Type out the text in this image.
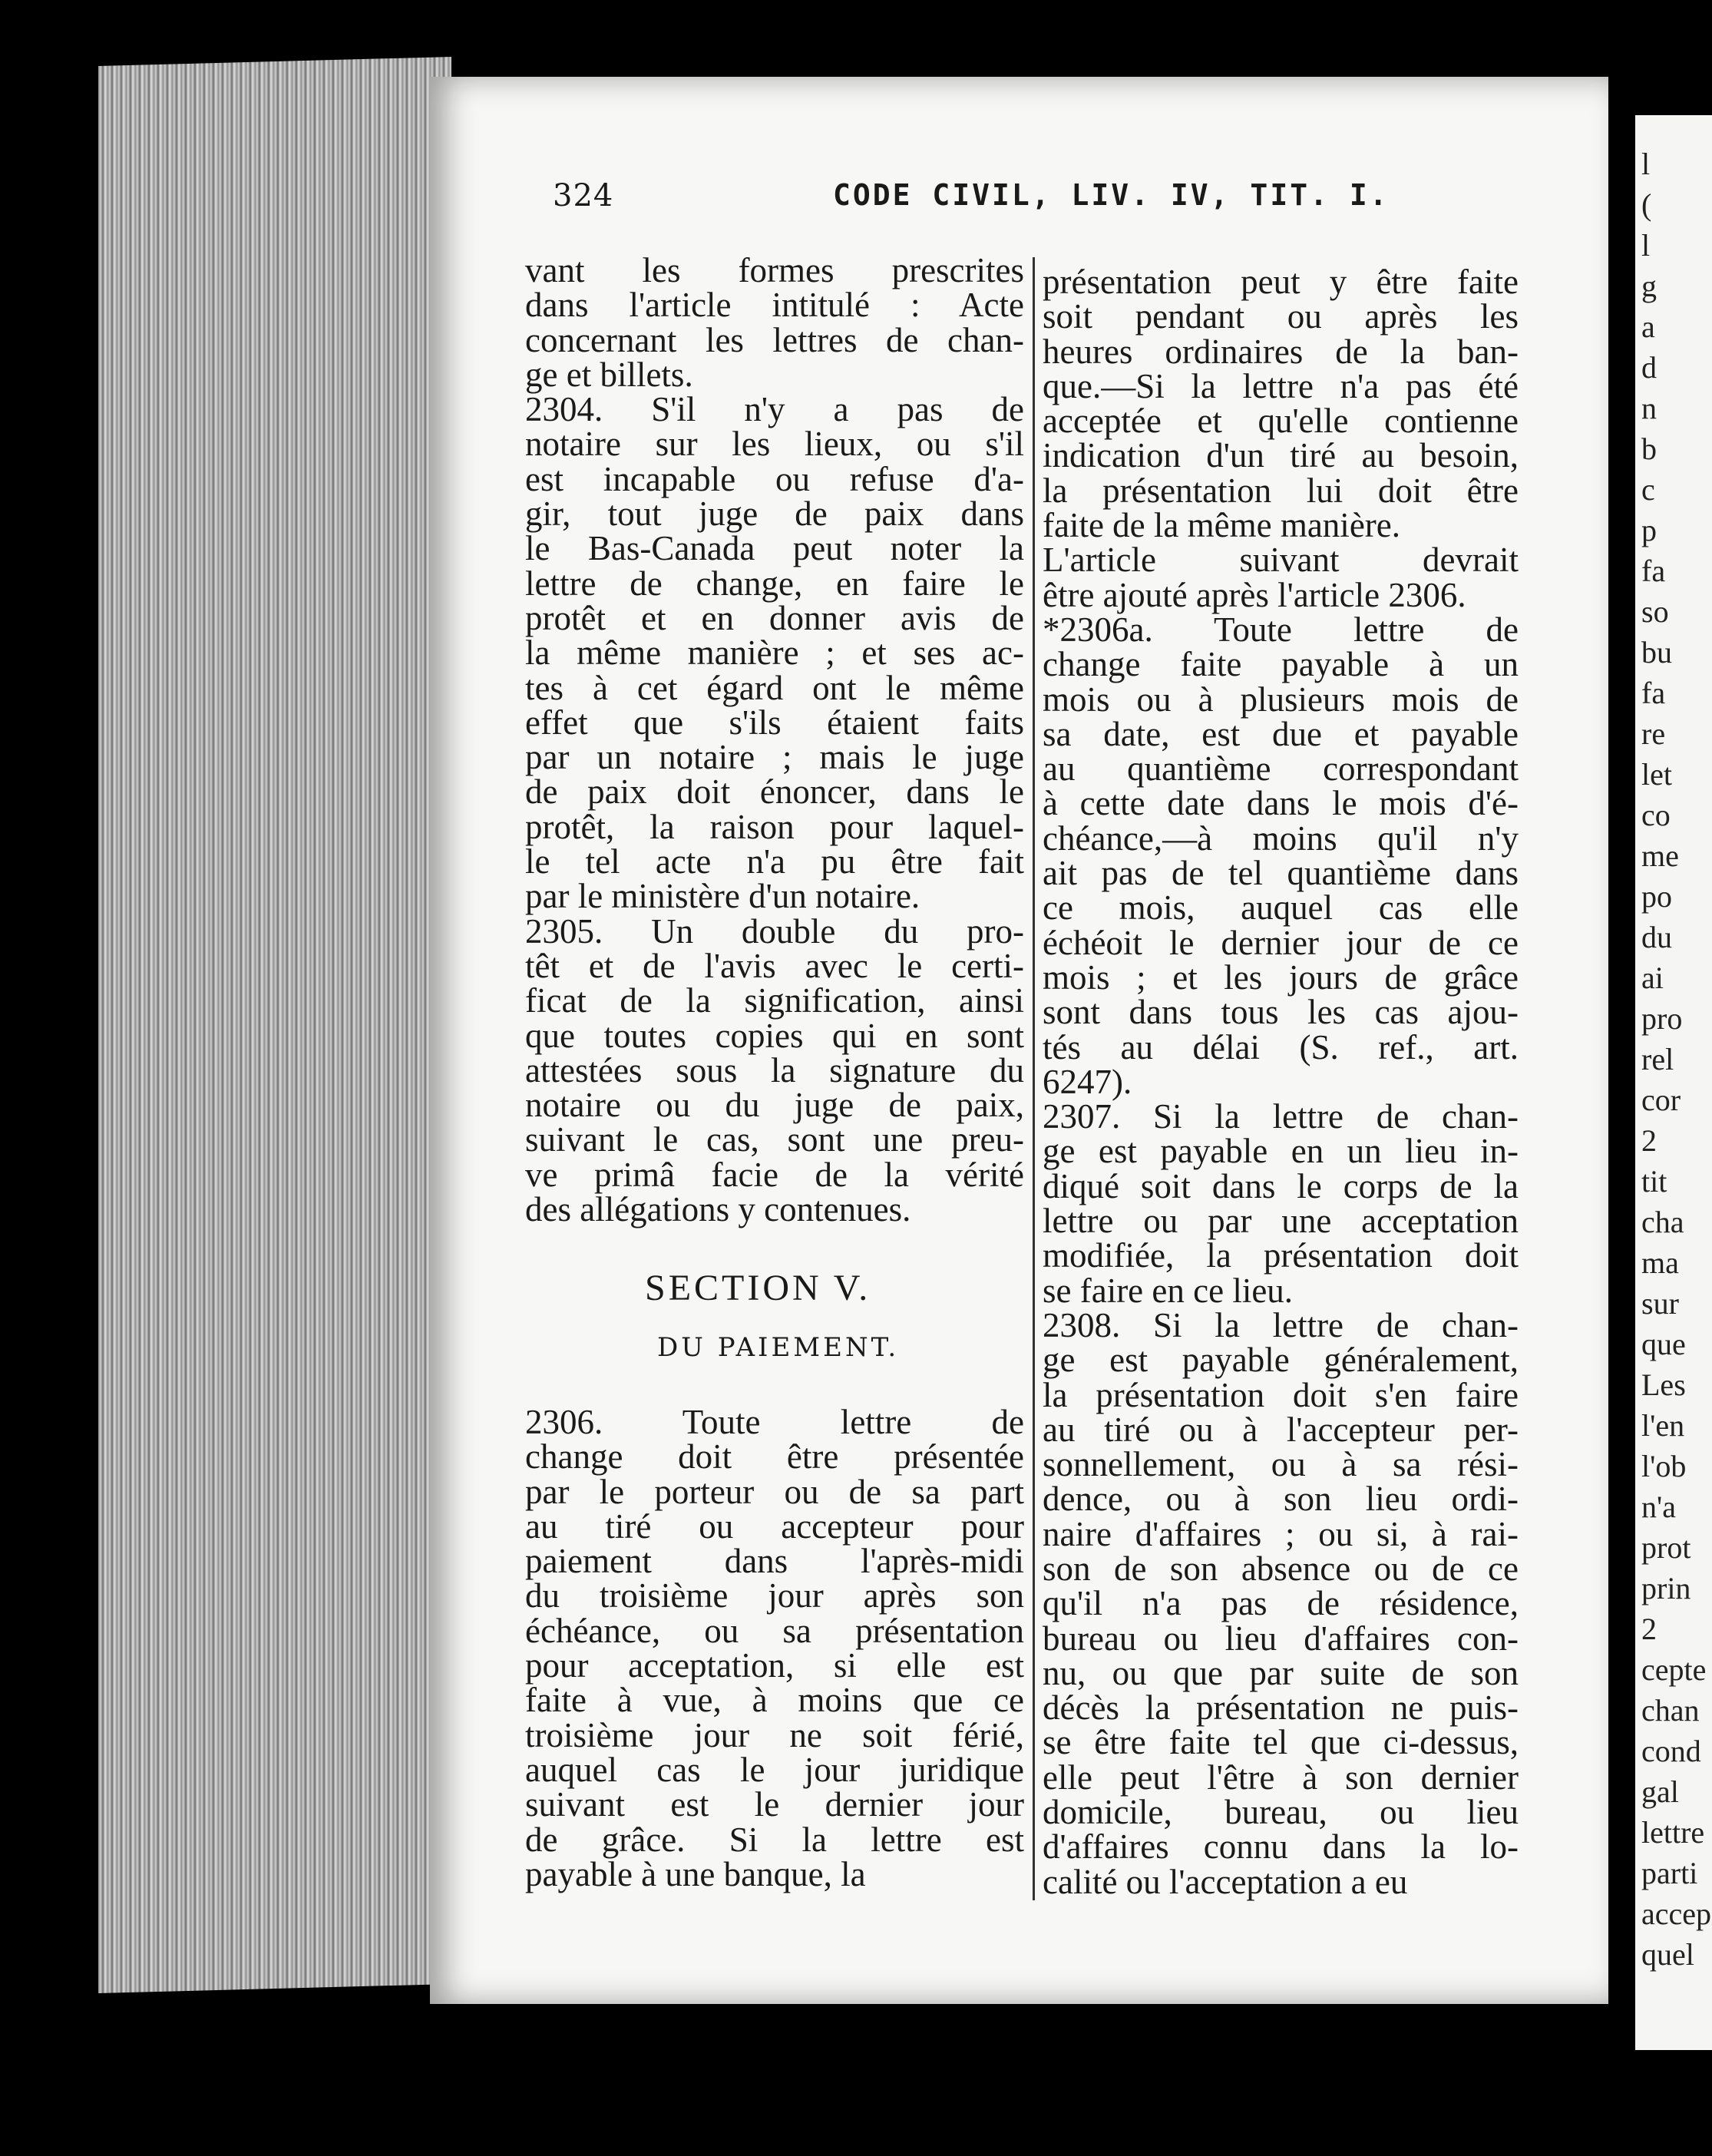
l
(
l
g
a
d
n
b
c
p
fa
so
bu
fa
re
let
co
me
po
du
ai
pro
rel
cor
2
tit
cha
ma
sur
que
Les
l'en
l'ob
n'a
prot
prin
2
cepte
chan
cond
gal
lettre
parti
accep
quel
324	CODE CIVIL, LIV. IV, TIT. I.
vant les formes prescrites
dans l'article intitulé : Acte
concernant les lettres de chan-
ge et billets.
2304. S'il n'y a pas de
notaire sur les lieux, ou s'il
est incapable ou refuse d'a-
gir, tout juge de paix dans
le Bas-Canada peut noter la
lettre de change, en faire le
protêt et en donner avis de
la même manière ; et ses ac-
tes à cet égard ont le même
effet que s'ils étaient faits
par un notaire ; mais le juge
de paix doit énoncer, dans le
protêt, la raison pour laquel-
le tel acte n'a pu être fait
par le ministère d'un notaire.
2305. Un double du pro-
têt et de l'avis avec le certi-
ficat de la signification, ainsi
que toutes copies qui en sont
attestées sous la signature du
notaire ou du juge de paix,
suivant le cas, sont une preu-
ve primâ facie de la vérité
des allégations y contenues.
SECTION V.
DU PAIEMENT.
2306. Toute lettre de
change doit être présentée
par le porteur ou de sa part
au tiré ou accepteur pour
paiement dans l'après-midi
du troisième jour après son
échéance, ou sa présentation
pour acceptation, si elle est
faite à vue, à moins que ce
troisième jour ne soit férié,
auquel cas le jour juridique
suivant est le dernier jour
de grâce. Si la lettre est
payable à une banque, la
présentation peut y être faite
soit pendant ou après les
heures ordinaires de la ban-
que.—Si la lettre n'a pas été
acceptée et qu'elle contienne
indication d'un tiré au besoin,
la présentation lui doit être
faite de la même manière.
L'article suivant devrait
être ajouté après l'article 2306.
*2306a. Toute lettre de
change faite payable à un
mois ou à plusieurs mois de
sa date, est due et payable
au quantième correspondant
à cette date dans le mois d'é-
chéance,—à moins qu'il n'y
ait pas de tel quantième dans
ce mois, auquel cas elle
échéoit le dernier jour de ce
mois ; et les jours de grâce
sont dans tous les cas ajou-
tés au délai (S. ref., art.
6247).
2307. Si la lettre de chan-
ge est payable en un lieu in-
diqué soit dans le corps de la
lettre ou par une acceptation
modifiée, la présentation doit
se faire en ce lieu.
2308. Si la lettre de chan-
ge est payable généralement,
la présentation doit s'en faire
au tiré ou à l'accepteur per-
sonnellement, ou à sa rési-
dence, ou à son lieu ordi-
naire d'affaires ; ou si, à rai-
son de son absence ou de ce
qu'il n'a pas de résidence,
bureau ou lieu d'affaires con-
nu, ou que par suite de son
décès la présentation ne puis-
se être faite tel que ci-dessus,
elle peut l'être à son dernier
domicile, bureau, ou lieu
d'affaires connu dans la lo-
calité ou l'acceptation a eu
